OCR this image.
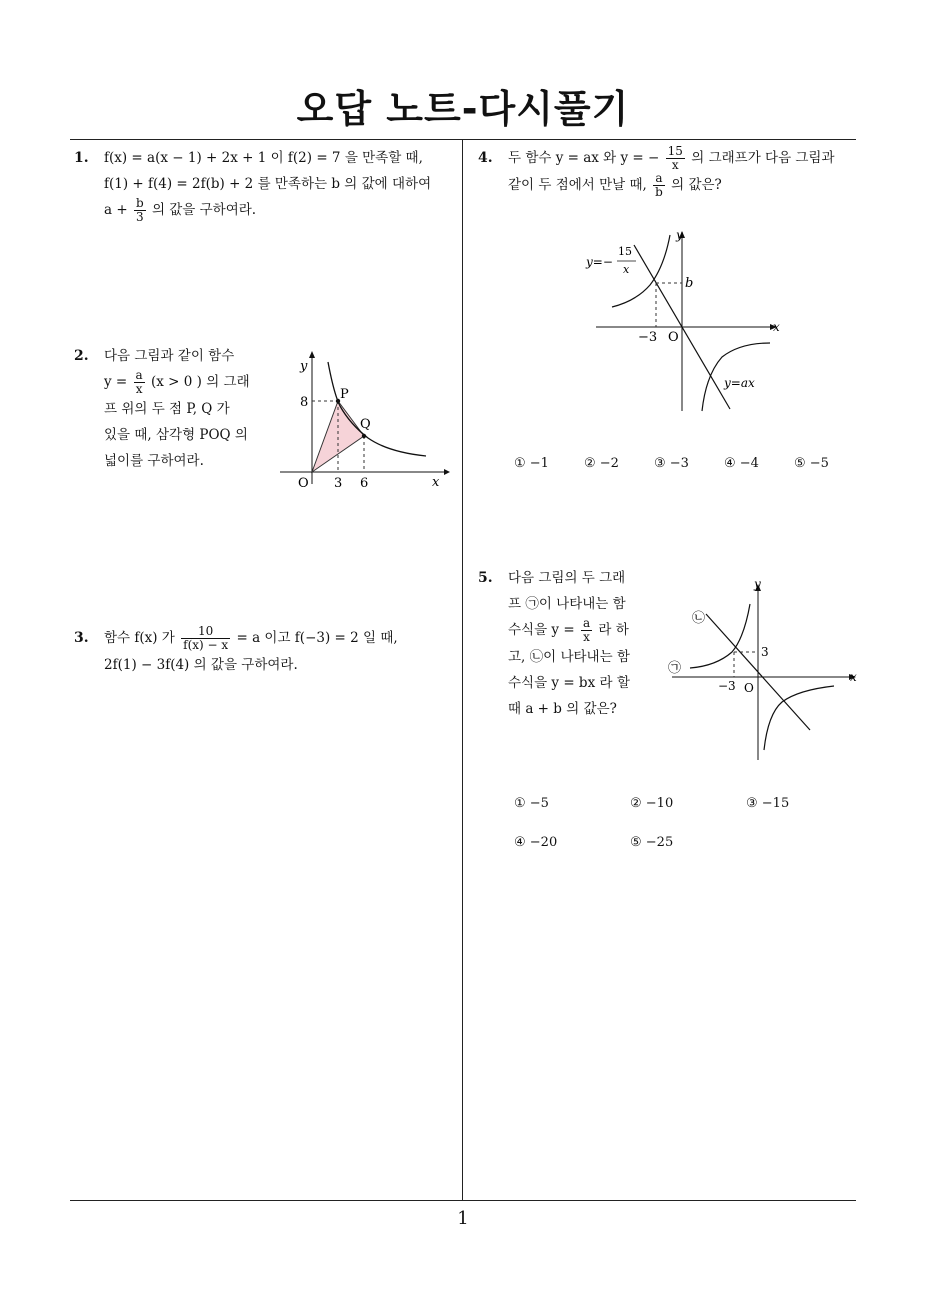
오답 노트-다시풀기
1. f(x) = a(x − 1) + 2x + 1 이 f(2) = 7 을 만족할 때,
f(1) + f(4) = 2f(b) + 2 를 만족하는 b 의 값에 대하여
$a + \frac{b}{3}$ 의 값을 구하여라.
2. 다음 그림과 같이 함수
$y = \frac{a}{x} (x > 0$ ) 의 그래
프 위의 두 점 P, Q 가
있을 때, 삼각형 POQ 의
넓이를 구하여라.
y
x
O
8
3 6
P
Q
3. 함수 f(x) 가 $\frac{10}{f(x) - x} = a$ 이고 f(−3) = 2 일 때,
2f(1) − 3f(4) 의 값을 구하여라.
4. 두 함수 y = ax 와 y = − $\frac{15}{x}$ 의 그래프가 다음 그림과
같이 두 점에서 만날 때, $\frac{a}{b}$ 의 값은?
y
x
O
−3
b
y=ax
y=−
15
x
① −1	② −2	③ −3	④ −4	⑤ −5
5. 다음 그림의 두 그래
프 ㉠이 나타내는 함
수식을 $y = \frac{a}{x}$ 라 하
고, ㉡이 나타내는 함
수식을 y = bx 라 할
때 a + b 의 값은?
y
x
O
−3
3
㉠
㉡
① −5	② −10	③ −15
④ −20	⑤ −25
1
